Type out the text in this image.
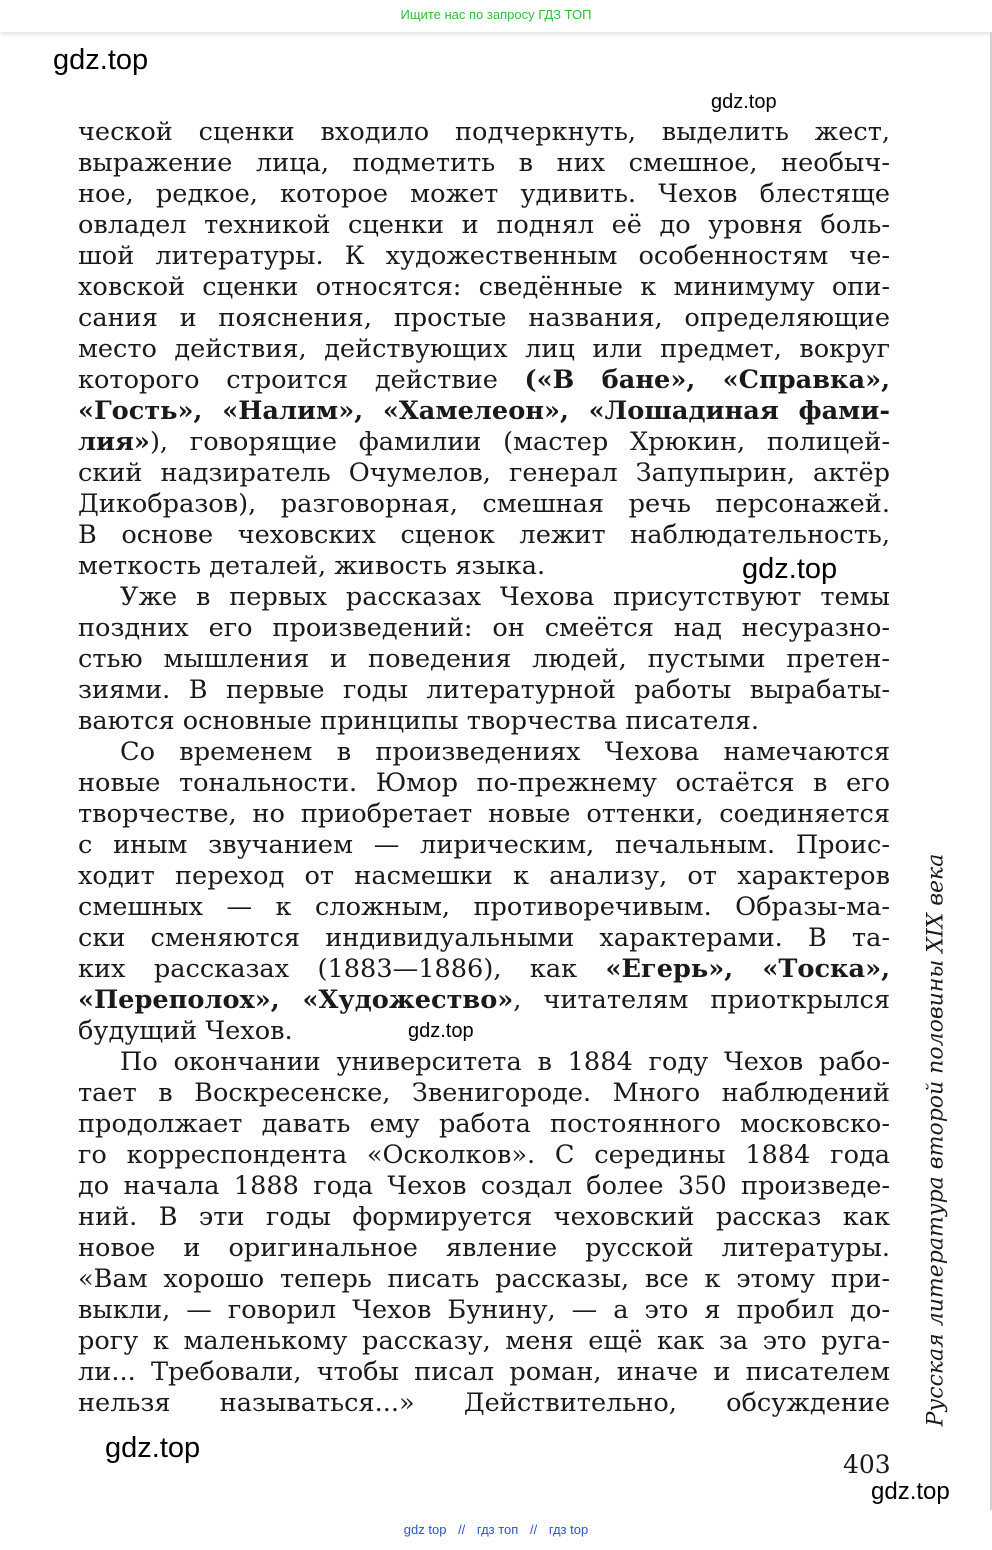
Ищите нас по запросу ГДЗ ТОП
gdz.top
gdz.top
gdz.top
gdz.top
gdz.top
gdz.top
ческой сценки входило подчеркнуть, выделить жест,
выражение лица, подметить в них смешное, необыч-
ное, редкое, которое может удивить. Чехов блестяще
овладел техникой сценки и поднял её до уровня боль-
шой литературы. К художественным особенностям че-
ховской сценки относятся: сведённые к минимуму опи-
сания и пояснения, простые названия, определяющие
место действия, действующих лиц или предмет, вокруг
которого строится действие («В бане», «Справка»,
«Гость», «Налим», «Хамелеон», «Лошадиная фами-
лия»), говорящие фамилии (мастер Хрюкин, полицей-
ский надзиратель Очумелов, генерал Запупырин, актёр
Дикобразов), разговорная, смешная речь персонажей.
В основе чеховских сценок лежит наблюдательность,
меткость деталей, живость языка.
Уже в первых рассказах Чехова присутствуют темы
поздних его произведений: он смеётся над несуразно-
стью мышления и поведения людей, пустыми претен-
зиями. В первые годы литературной работы вырабаты-
ваются основные принципы творчества писателя.
Со временем в произведениях Чехова намечаются
новые тональности. Юмор по-прежнему остаётся в его
творчестве, но приобретает новые оттенки, соединяется
с иным звучанием — лирическим, печальным. Проис-
ходит переход от насмешки к анализу, от характеров
смешных — к сложным, противоречивым. Образы-ма-
ски сменяются индивидуальными характерами. В та-
ких рассказах (1883—1886), как «Егерь», «Тоска»,
«Переполох», «Художество», читателям приоткрылся
будущий Чехов.
По окончании университета в 1884 году Чехов рабо-
тает в Воскресенске, Звенигороде. Много наблюдений
продолжает давать ему работа постоянного московско-
го корреспондента «Осколков». С середины 1884 года
до начала 1888 года Чехов создал более 350 произведе-
ний. В эти годы формируется чеховский рассказ как
новое и оригинальное явление русской литературы.
«Вам хорошо теперь писать рассказы, все к этому при-
выкли, — говорил Чехов Бунину, — а это я пробил до-
рогу к маленькому рассказу, меня ещё как за это руга-
ли... Требовали, чтобы писал роман, иначе и писателем
нельзя называться...» Действительно, обсуждение Русская литература второй половины XIX века
403
gdz top // гдз топ // гдз top
